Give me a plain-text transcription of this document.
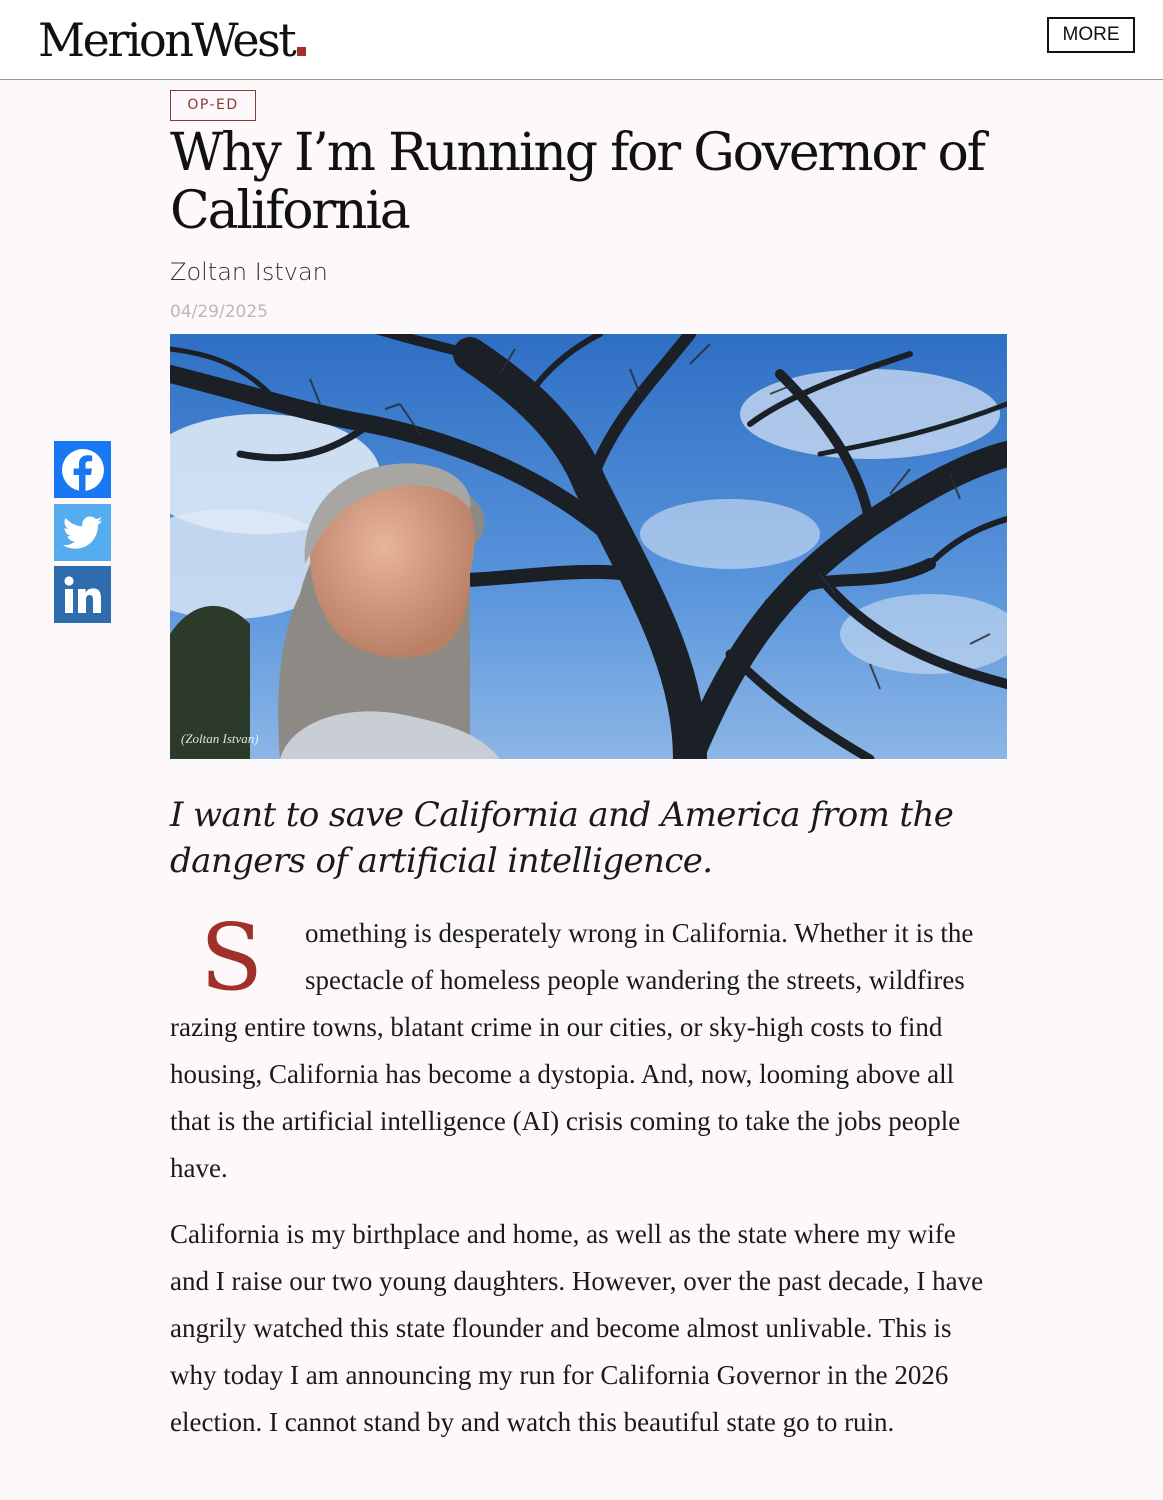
MerionWest	MORE
OP-ED
Why I’m Running for Governor of California
Zoltan Istvan
04/29/2025
(Zoltan Istvan)
I want to save California and America from the dangers of artificial intelligence.

S omething is desperately wrong in California. Whether it is the spectacle of homeless people wandering the streets, wildfires razing entire towns, blatant crime in our cities, or sky-high costs to find housing, California has become a dystopia. And, now, looming above all that is the artificial intelligence (AI) crisis coming to take the jobs people have.

California is my birthplace and home, as well as the state where my wife and I raise our two young daughters. However, over the past decade, I have angrily watched this state flounder and become almost unlivable. This is why today I am announcing my run for California Governor in the 2026 election. I cannot stand by and watch this beautiful state go to ruin.
